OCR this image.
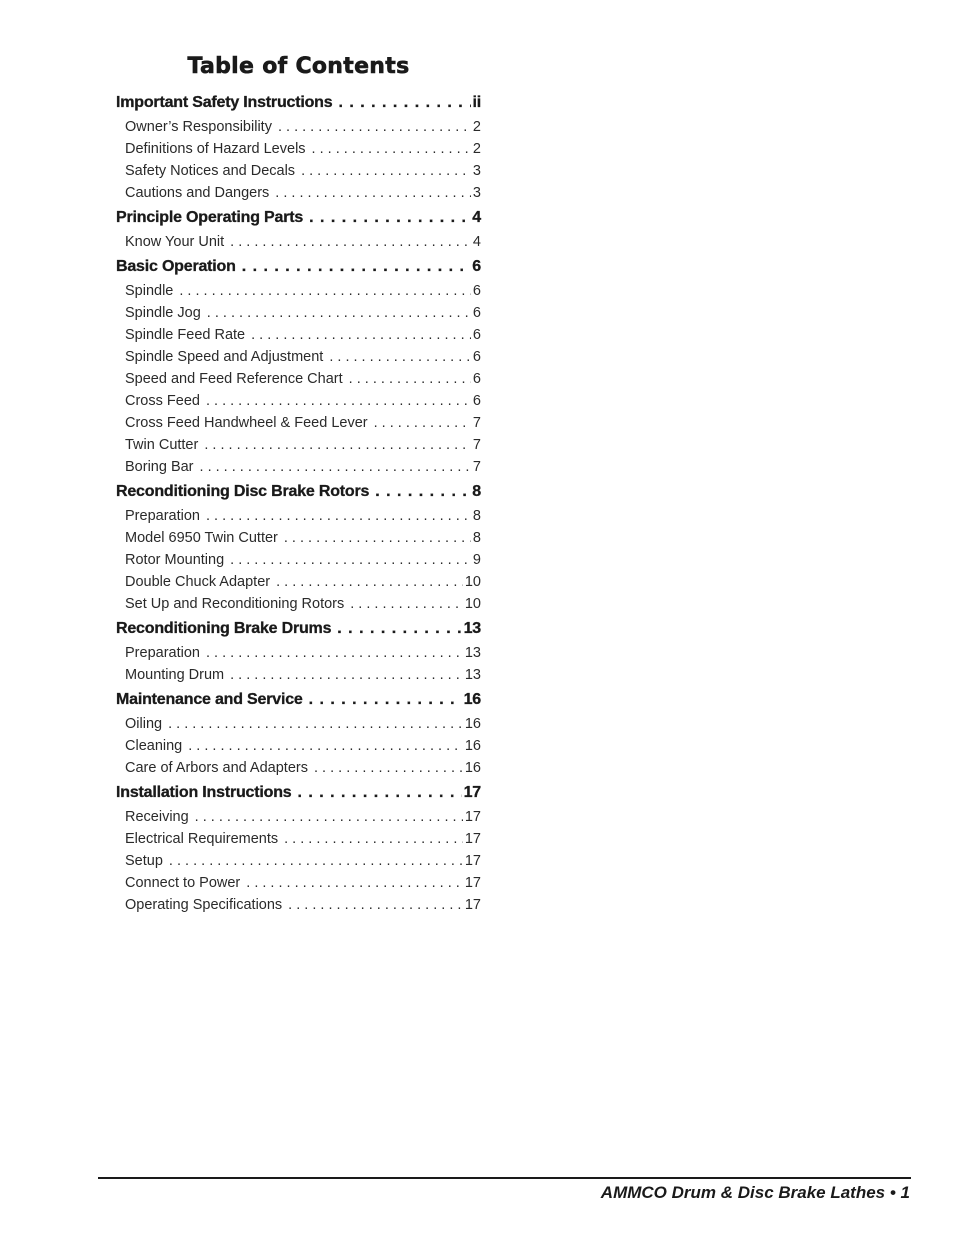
Table of Contents
Important Safety Instructions . . .	ii
Owner’s Responsibility . . .	2
Definitions of Hazard Levels . . .	2
Safety Notices and Decals . . .	3
Cautions and Dangers . . .	3
Principle Operating Parts . . .	4
Know Your Unit . . .	4
Basic Operation . . .	6
Spindle . . .	6
Spindle Jog . . .	6
Spindle Feed Rate . . .	6
Spindle Speed and Adjustment . . .	6
Speed and Feed Reference Chart . . .	6
Cross Feed . . .	6
Cross Feed Handwheel & Feed Lever . . .	7
Twin Cutter . . .	7
Boring Bar . . .	7
Reconditioning Disc Brake Rotors . . .	8
Preparation . . .	8
Model 6950 Twin Cutter . . .	8
Rotor Mounting . . .	9
Double Chuck Adapter . . .	10
Set Up and Reconditioning Rotors . . .	10
Reconditioning Brake Drums . . .	13
Preparation . . .	13
Mounting Drum . . .	13
Maintenance and Service . . .	16
Oiling . . .	16
Cleaning . . .	16
Care of Arbors and Adapters . . .	16
Installation Instructions . . .	17
Receiving . . .	17
Electrical Requirements . . .	17
Setup . . .	17
Connect to Power . . .	17
Operating Specifications . . .	17
AMMCO Drum & Disc Brake Lathes • 1
